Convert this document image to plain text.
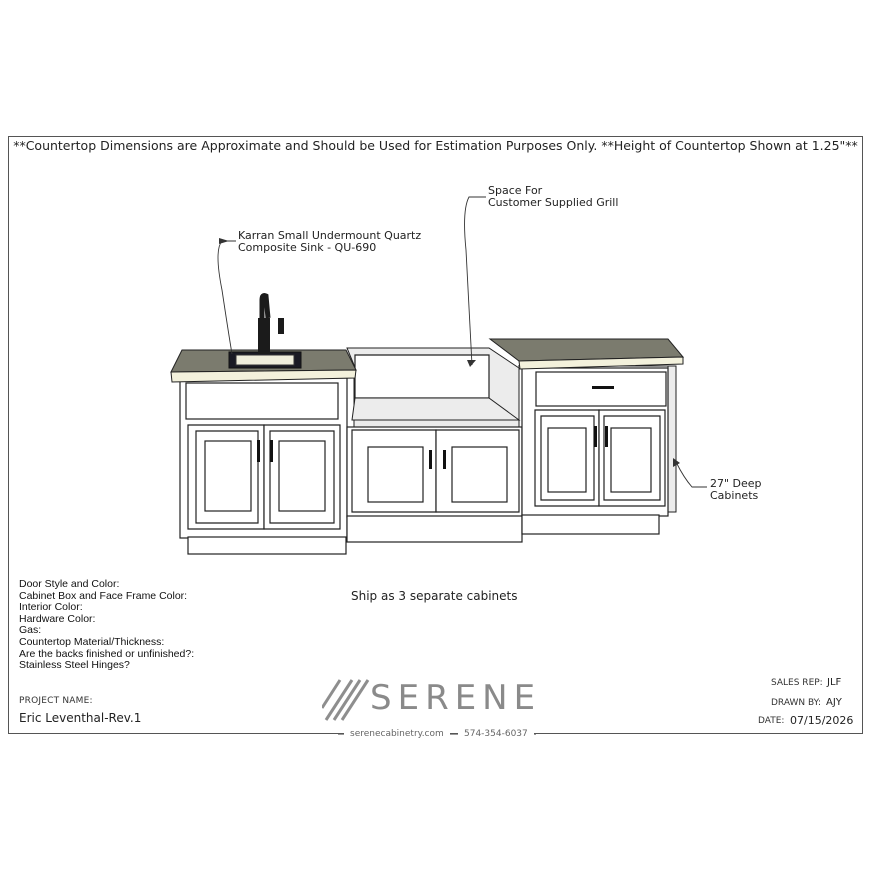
**Countertop Dimensions are Approximate and Should be Used for Estimation Purposes Only. **Height of Countertop Shown at 1.25"**
Space For
Customer Supplied Grill
Karran Small Undermount Quartz
Composite Sink - QU-690
27" Deep
Cabinets
Door Style and Color:
Cabinet Box and Face Frame Color:
Interior Color:
Hardware Color:
Gas:
Countertop Material/Thickness:
Are the backs finished or unfinished?:
Stainless Steel Hinges?
Ship as 3 separate cabinets
PROJECT NAME:
Eric Leventhal-Rev.1	SERENE
serenecabinetry.com	574-354-6037
SALES REP: JLF
DRAWN BY: AJY
DATE: 07/15/2026
